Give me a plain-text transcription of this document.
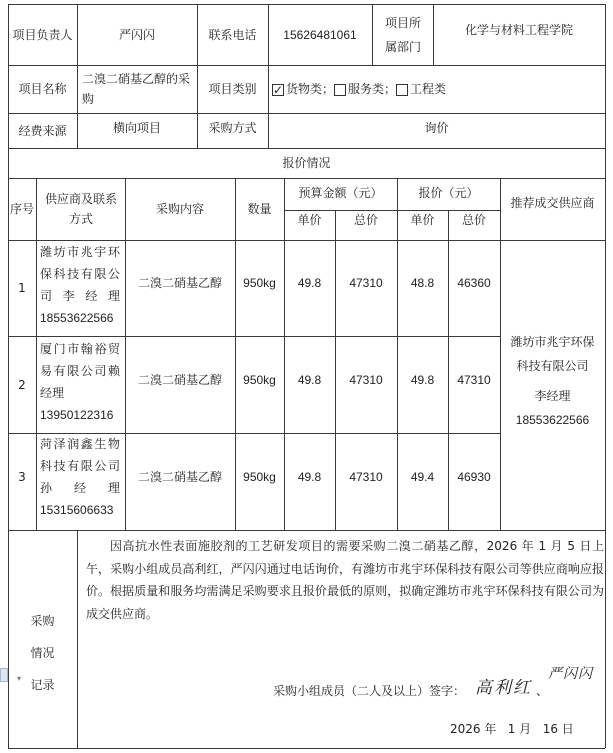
项目负责人	严闪闪	联系电话	15626481061
项目所属部门
化学与材料工程学院
项目名称
二溴二硝基乙醇的采购
项目类别
✓	货物类； 服务类； 工程类
经费来源	横向项目	采购方式	询价
报价情况
序号
供应商及联系方式
采购内容	数量
预算金额（元）	报价（元）
单价	总价	单价	总价
推荐成交供应商
1
潍坊市兆宇环
保科技有限公
司 李 经 理
18553622566
二溴二硝基乙醇	950kg	49.8	47310	48.8	46360
2
厦门市翰裕贸
易有限公司赖
经理
13950122316
二溴二硝基乙醇	950kg	49.8	47310	49.8	47310
3
菏泽润鑫生物
科技有限公司
孙 经 理
15315606633
二溴二硝基乙醇	950kg	49.8	47310	49.4	46930
潍坊市兆宇环保
科技有限公司
李经理
18553622566
采购
情况
记录
▾
因高抗水性表面施胶剂的工艺研发项目的需要采购二溴二硝基乙醇，2026 年 1 月 5 日上午，采购小组成员高利红，严闪闪通过电话询价，有潍坊市兆宇环保科技有限公司等供应商响应报价。根据质量和服务均需满足采购要求且报价最低的原则，拟确定潍坊市兆宇环保科技有限公司为成交供应商。
采购小组成员（二人及以上）签字： 高利红 、
严闪闪
2026 年   1 月   16 日
